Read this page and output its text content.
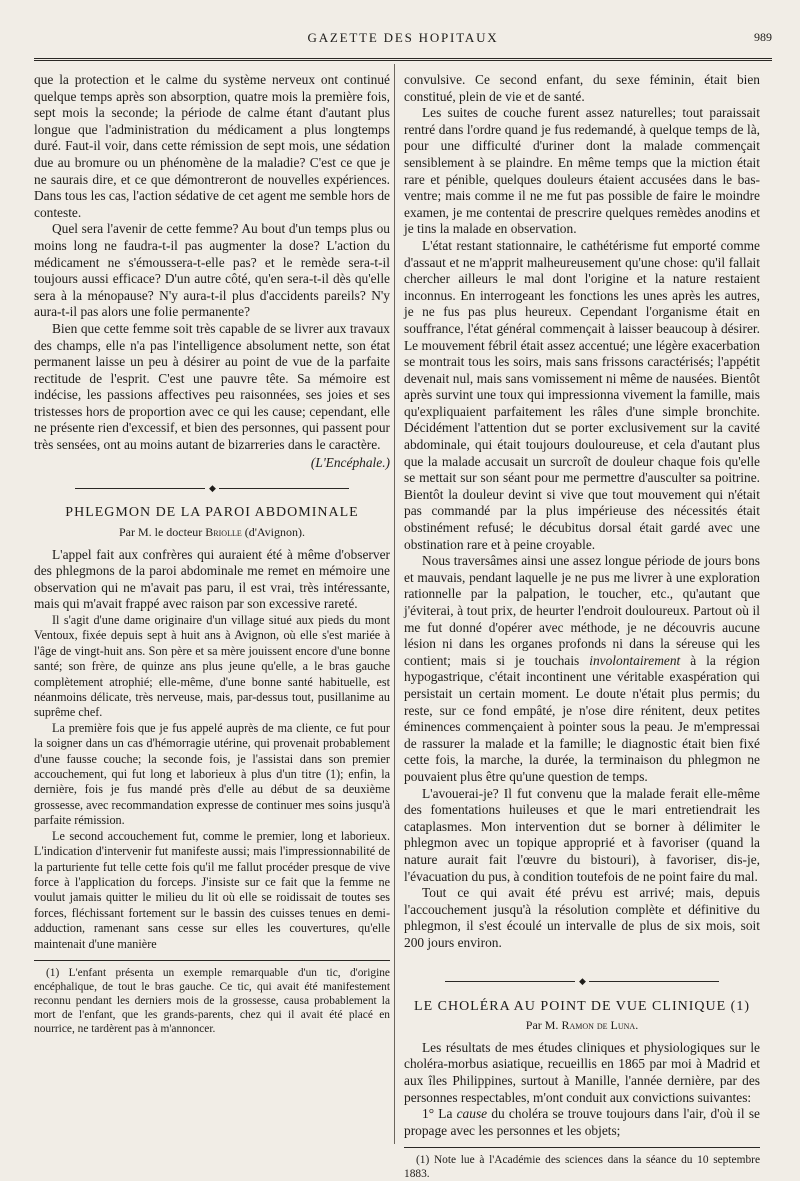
GAZETTE DES HOPITAUX	989

que la protection et le calme du système nerveux ont continué quelque temps après son absorption, quatre mois la première fois, sept mois la seconde; la période de calme étant d'autant plus longue que l'administration du médicament a plus longtemps duré. Faut-il voir, dans cette rémission de sept mois, une sédation due au bromure ou un phénomène de la maladie? C'est ce que je ne saurais dire, et ce que démontreront de nouvelles expériences. Dans tous les cas, l'action sédative de cet agent me semble hors de conteste.

Quel sera l'avenir de cette femme? Au bout d'un temps plus ou moins long ne faudra-t-il pas augmenter la dose? L'action du médicament ne s'émoussera-t-elle pas? et le remède sera-t-il toujours aussi efficace? D'un autre côté, qu'en sera-t-il dès qu'elle sera à la ménopause? N'y aura-t-il plus d'accidents pareils? N'y aura-t-il pas alors une folie permanente?

Bien que cette femme soit très capable de se livrer aux travaux des champs, elle n'a pas l'intelligence absolument nette, son état permanent laisse un peu à désirer au point de vue de la parfaite rectitude de l'esprit. C'est une pauvre tête. Sa mémoire est indécise, les passions affectives peu raisonnées, ses joies et ses tristesses hors de proportion avec ce qui les cause; cependant, elle ne présente rien d'excessif, et bien des personnes, qui passent pour très sensées, ont au moins autant de bizarreries dans le caractère.

(L'Encéphale.)
◆
PHLEGMON DE LA PAROI ABDOMINALE
Par M. le docteur Briolle (d'Avignon).

L'appel fait aux confrères qui auraient été à même d'observer des phlegmons de la paroi abdominale me remet en mémoire une observation qui ne m'avait pas paru, il est vrai, très intéressante, mais qui m'avait frappé avec raison par son excessive rareté.

Il s'agit d'une dame originaire d'un village situé aux pieds du mont Ventoux, fixée depuis sept à huit ans à Avignon, où elle s'est mariée à l'âge de vingt-huit ans. Son père et sa mère jouissent encore d'une bonne santé; son frère, de quinze ans plus jeune qu'elle, a le bras gauche complètement atrophié; elle-même, d'une bonne santé habituelle, est néanmoins délicate, très nerveuse, mais, par-dessus tout, pusillanime au suprême chef.

La première fois que je fus appelé auprès de ma cliente, ce fut pour la soigner dans un cas d'hémorragie utérine, qui provenait probablement d'une fausse couche; la seconde fois, je l'assistai dans son premier accouchement, qui fut long et laborieux à plus d'un titre (1); enfin, la dernière, fois je fus mandé près d'elle au début de sa deuxième grossesse, avec recommandation expresse de continuer mes soins jusqu'à parfaite rémission.

Le second accouchement fut, comme le premier, long et laborieux. L'indication d'intervenir fut manifeste aussi; mais l'impressionnabilité de la parturiente fut telle cette fois qu'il me fallut procéder presque de vive force à l'application du forceps. J'insiste sur ce fait que la femme ne voulut jamais quitter le milieu du lit où elle se roidissait de toutes ses forces, fléchissant fortement sur le bassin des cuisses tenues en demi-adduction, ramenant sans cesse sur elles les couvertures, qu'elle maintenait d'une manière

(1) L'enfant présenta un exemple remarquable d'un tic, d'origine encéphalique, de tout le bras gauche. Ce tic, qui avait été manifestement reconnu pendant les derniers mois de la grossesse, causa probablement la mort de l'enfant, que les grands-parents, chez qui il avait été placé en nourrice, ne tardèrent pas à m'annoncer.

convulsive. Ce second enfant, du sexe féminin, était bien constitué, plein de vie et de santé.

Les suites de couche furent assez naturelles; tout paraissait rentré dans l'ordre quand je fus redemandé, à quelque temps de là, pour une difficulté d'uriner dont la malade commençait sensiblement à se plaindre. En même temps que la miction était rare et pénible, quelques douleurs étaient accusées dans le bas-ventre; mais comme il ne me fut pas possible de faire le moindre examen, je me contentai de prescrire quelques remèdes anodins et je tins la malade en observation.

L'état restant stationnaire, le cathétérisme fut emporté comme d'assaut et ne m'apprit malheureusement qu'une chose: qu'il fallait chercher ailleurs le mal dont l'origine et la nature restaient inconnus. En interrogeant les fonctions les unes après les autres, je ne fus pas plus heureux. Cependant l'organisme était en souffrance, l'état général commençait à laisser beaucoup à désirer. Le mouvement fébril était assez accentué; une légère exacerbation se montrait tous les soirs, mais sans frissons caractérisés; l'appétit devenait nul, mais sans vomissement ni même de nausées. Bientôt après survint une toux qui impressionna vivement la famille, mais qu'expliquaient parfaitement les râles d'une simple bronchite. Décidément l'attention dut se porter exclusivement sur la cavité abdominale, qui était toujours douloureuse, et cela d'autant plus que la malade accusait un surcroît de douleur chaque fois qu'elle se mettait sur son séant pour me permettre d'ausculter sa poitrine. Bientôt la douleur devint si vive que tout mouvement qui n'était pas commandé par la plus impérieuse des nécessités était obstinément refusé; le décubitus dorsal était gardé avec une obstination rare et à peine croyable.

Nous traversâmes ainsi une assez longue période de jours bons et mauvais, pendant laquelle je ne pus me livrer à une exploration rationnelle par la palpation, le toucher, etc., qu'autant que j'éviterai, à tout prix, de heurter l'endroit douloureux. Partout où il me fut donné d'opérer avec méthode, je ne découvris aucune lésion ni dans les organes profonds ni dans la séreuse qui les contient; mais si je touchais involontairement à la région hypogastrique, c'était incontinent une véritable exaspération qui persistait un certain moment. Le doute n'était plus permis; du reste, sur ce fond empâté, je n'ose dire rénitent, deux petites éminences commençaient à pointer sous la peau. Je m'empressai de rassurer la malade et la famille; le diagnostic était bien fixé cette fois, la marche, la durée, la terminaison du phlegmon ne pouvaient plus être qu'une question de temps.

L'avouerai-je? Il fut convenu que la malade ferait elle-même des fomentations huileuses et que le mari entretiendrait les cataplasmes. Mon intervention dut se borner à délimiter le phlegmon avec un topique approprié et à favoriser (quand la nature aurait fait l'œuvre du bistouri), à favoriser, dis-je, l'évacuation du pus, à condition toutefois de ne point faire du mal.

Tout ce qui avait été prévu est arrivé; mais, depuis l'accouchement jusqu'à la résolution complète et définitive du phlegmon, il s'est écoulé un intervalle de plus de six mois, soit 200 jours environ.

◆
LE CHOLÉRA AU POINT DE VUE CLINIQUE (1)
Par M. Ramon de Luna.

Les résultats de mes études cliniques et physiologiques sur le choléra-morbus asiatique, recueillis en 1865 par moi à Madrid et aux îles Philippines, surtout à Manille, l'année dernière, par des personnes respectables, m'ont conduit aux convictions suivantes:

1° La cause du choléra se trouve toujours dans l'air, d'où il se propage avec les personnes et les objets;

(1) Note lue à l'Académie des sciences dans la séance du 10 septembre 1883.
